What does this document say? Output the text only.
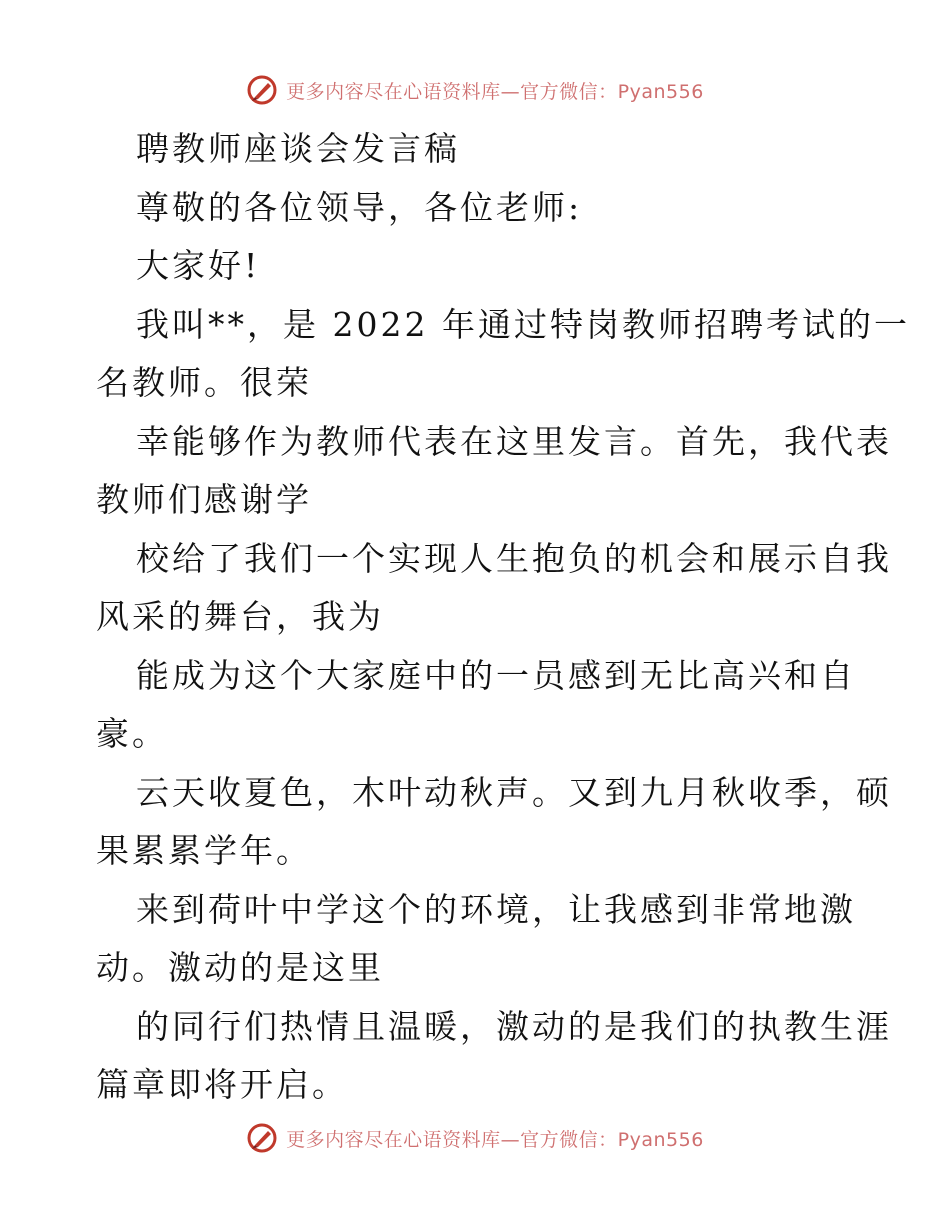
更多内容尽在心语资料库—官方微信：Pyan556
聘教师座谈会发言稿
尊敬的各位领导，各位老师:
大家好!
我叫**，是 2022 年通过特岗教师招聘考试的一
名教师。很荣
幸能够作为教师代表在这里发言。首先，我代表
教师们感谢学
校给了我们一个实现人生抱负的机会和展示自我
风采的舞台，我为
能成为这个大家庭中的一员感到无比高兴和自
豪。
云天收夏色，木叶动秋声。又到九月秋收季，硕
果累累学年。
来到荷叶中学这个的环境，让我感到非常地激
动。激动的是这里
的同行们热情且温暖，激动的是我们的执教生涯
篇章即将开启。
更多内容尽在心语资料库—官方微信：Pyan556
